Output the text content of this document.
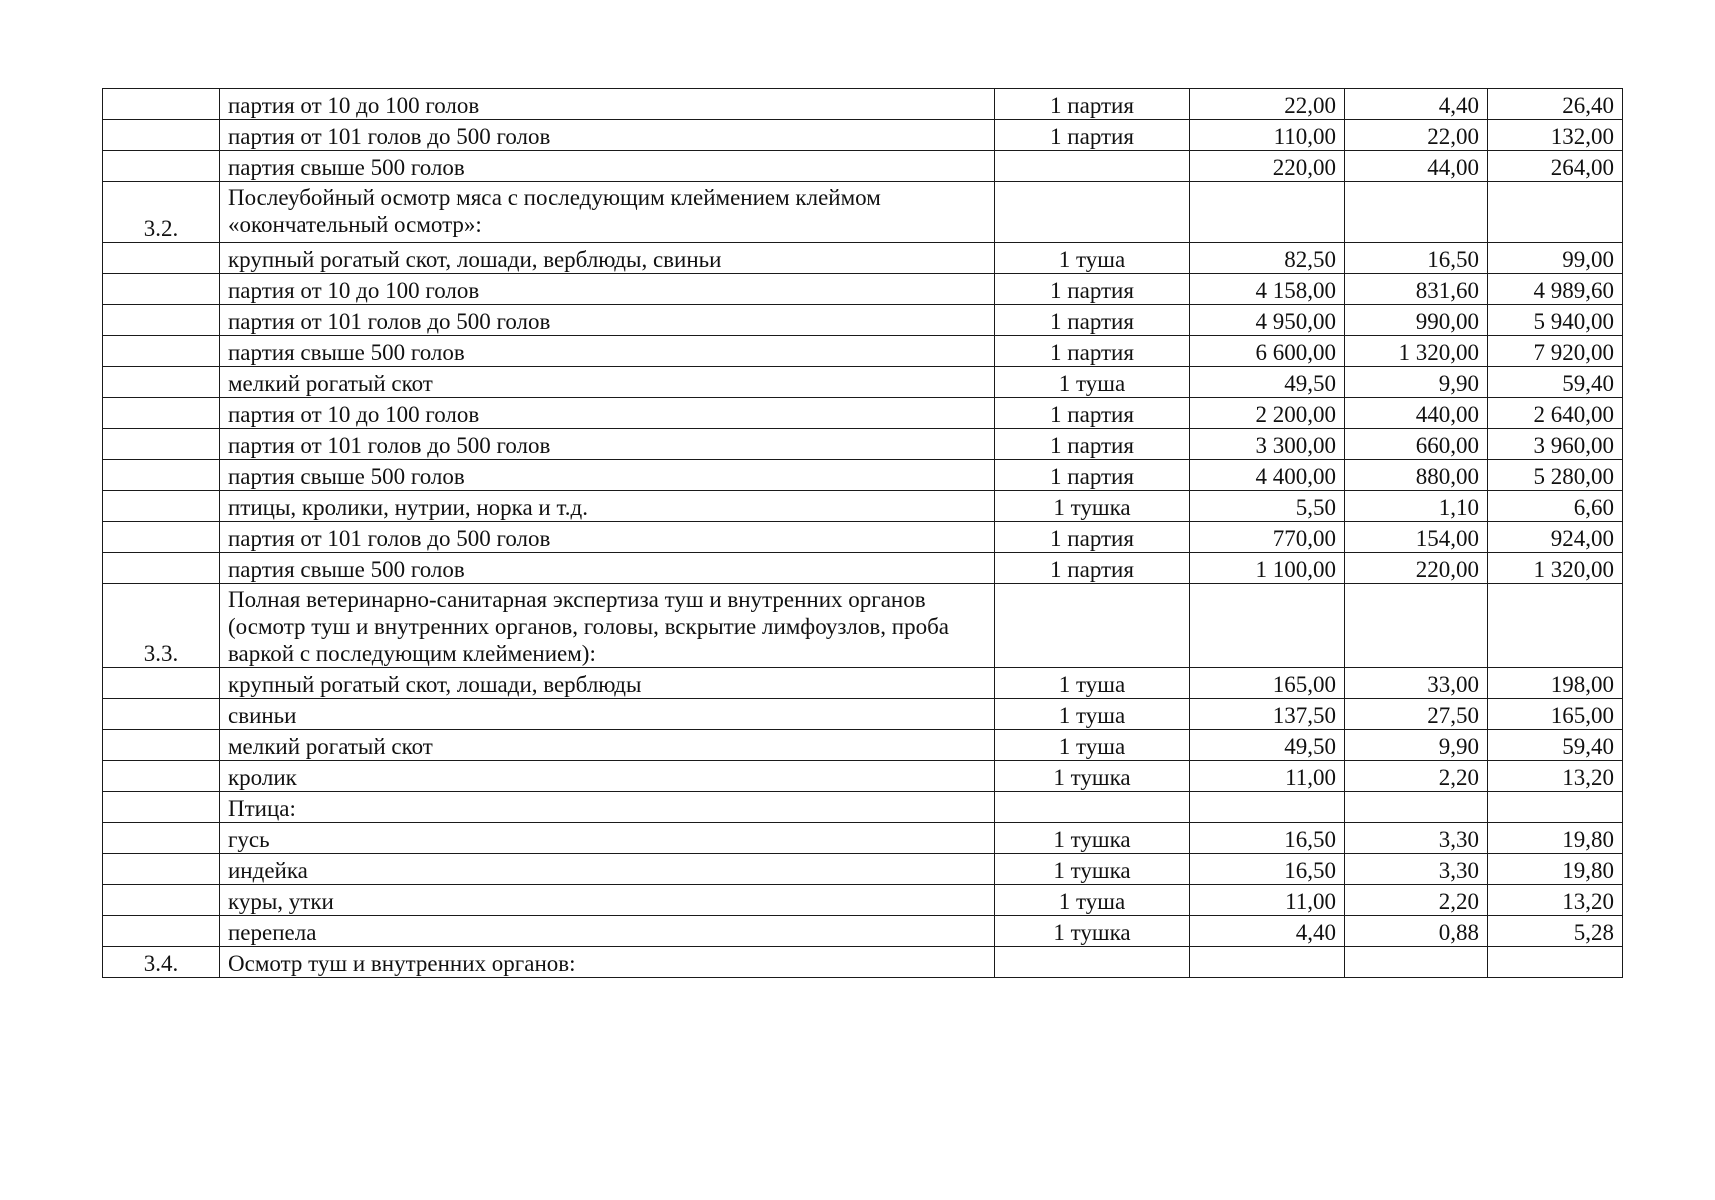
	партия от 10 до 100 голов	1 партия	22,00	4,40	26,40
	партия от 101 голов до 500 голов	1 партия	110,00	22,00	132,00
	партия свыше 500 голов		220,00	44,00	264,00
3.2.	Послеубойный осмотр мяса с последующим клеймением клеймом «окончательный осмотр»:				
	крупный рогатый скот, лошади, верблюды, свиньи	1 туша	82,50	16,50	99,00
	партия от 10 до 100 голов	1 партия	4 158,00	831,60	4 989,60
	партия от 101 голов до 500 голов	1 партия	4 950,00	990,00	5 940,00
	партия свыше 500 голов	1 партия	6 600,00	1 320,00	7 920,00
	мелкий рогатый скот	1 туша	49,50	9,90	59,40
	партия от 10 до 100 голов	1 партия	2 200,00	440,00	2 640,00
	партия от 101 голов до 500 голов	1 партия	3 300,00	660,00	3 960,00
	партия свыше 500 голов	1 партия	4 400,00	880,00	5 280,00
	птицы, кролики, нутрии, норка и т.д.	1 тушка	5,50	1,10	6,60
	партия от 101 голов до 500 голов	1 партия	770,00	154,00	924,00
	партия свыше 500 голов	1 партия	1 100,00	220,00	1 320,00
3.3.	Полная ветеринарно-санитарная экспертиза туш и внутренних органов (осмотр туш и внутренних органов, головы, вскрытие лимфоузлов, проба варкой с последующим клеймением):				
	крупный рогатый скот, лошади, верблюды	1 туша	165,00	33,00	198,00
	свиньи	1 туша	137,50	27,50	165,00
	мелкий рогатый скот	1 туша	49,50	9,90	59,40
	кролик	1 тушка	11,00	2,20	13,20
	Птица:				
	гусь	1 тушка	16,50	3,30	19,80
	индейка	1 тушка	16,50	3,30	19,80
	куры, утки	1 туша	11,00	2,20	13,20
	перепела	1 тушка	4,40	0,88	5,28
3.4.	Осмотр туш и внутренних органов:				
